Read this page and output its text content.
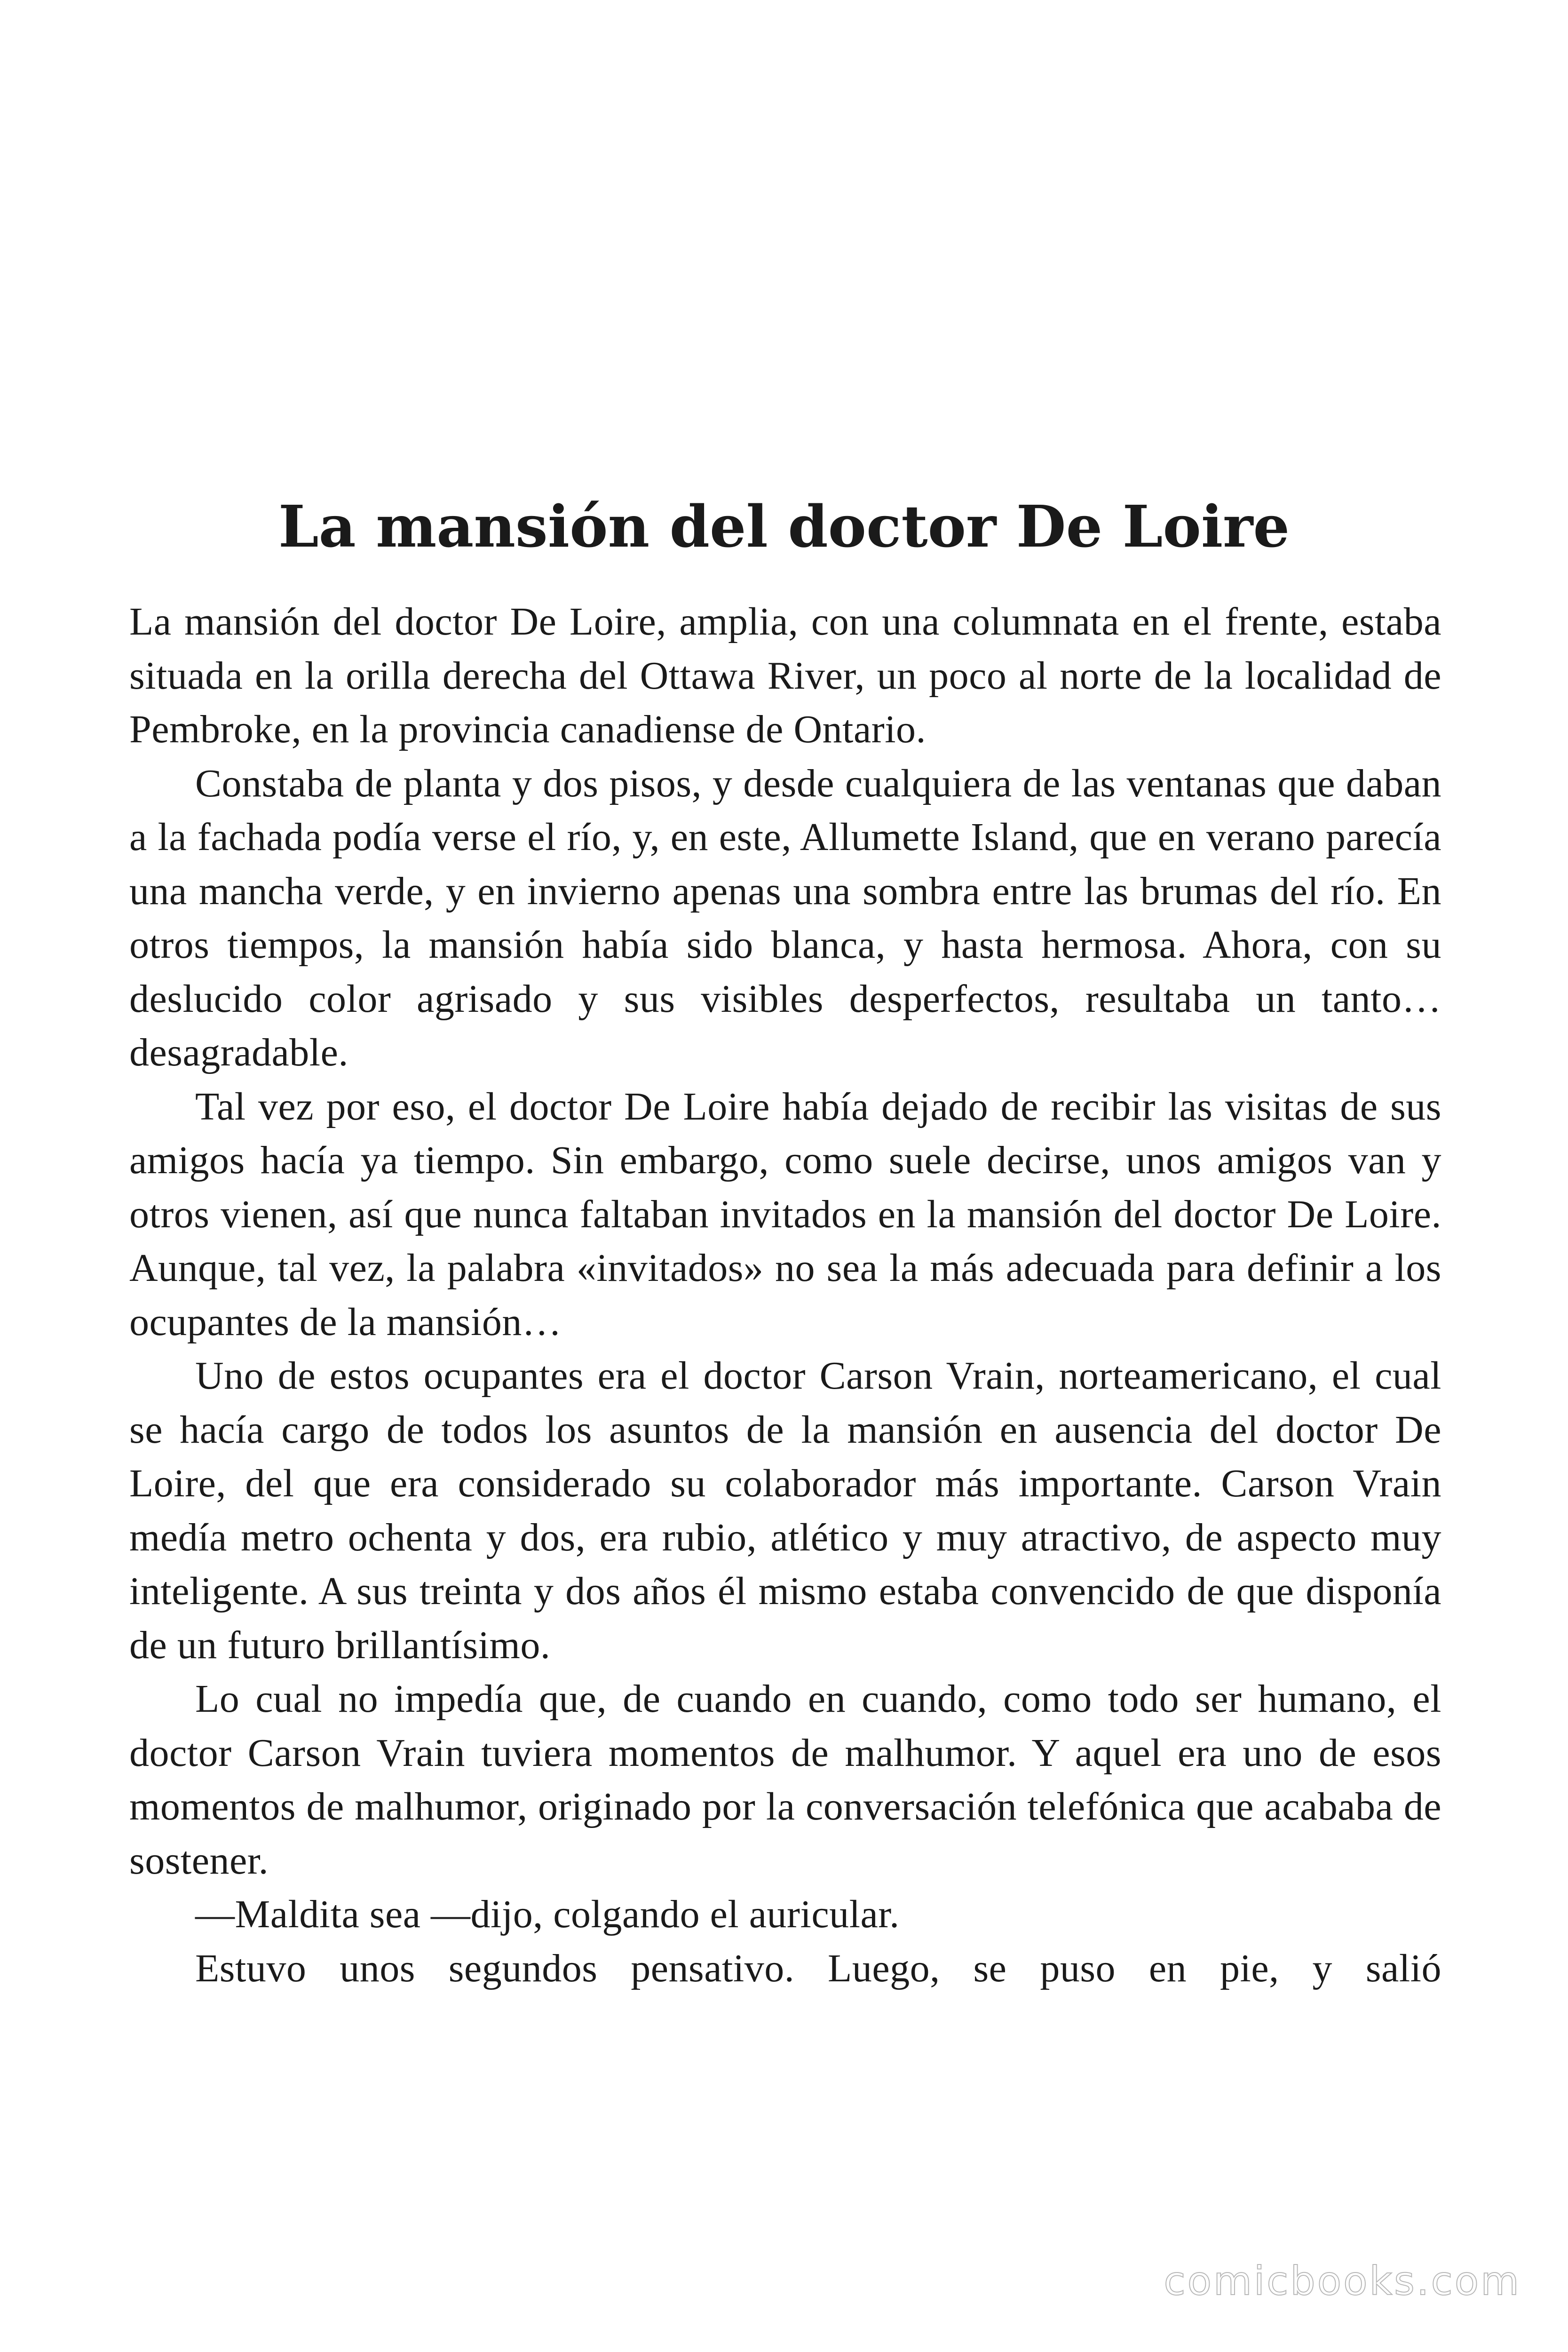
La mansión del doctor De Loire

La mansión del doctor De Loire, amplia, con una columnata en el frente, estaba situada en la orilla derecha del Ottawa River, un poco al norte de la localidad de Pembroke, en la provincia canadiense de Ontario.

Constaba de planta y dos pisos, y desde cualquiera de las ventanas que daban a la fachada podía verse el río, y, en este, Allumette Island, que en verano parecía una mancha verde, y en invierno apenas una sombra entre las brumas del río. En otros tiempos, la mansión había sido blanca, y hasta hermosa. Ahora, con su deslucido color agrisado y sus visibles desperfectos, resultaba un tanto… desagradable.

Tal vez por eso, el doctor De Loire había dejado de recibir las visitas de sus amigos hacía ya tiempo. Sin embargo, como suele decirse, unos amigos van y otros vienen, así que nunca faltaban invitados en la mansión del doctor De Loire. Aunque, tal vez, la palabra «invitados» no sea la más adecuada para definir a los ocupantes de la mansión…

Uno de estos ocupantes era el doctor Carson Vrain, norteamericano, el cual se hacía cargo de todos los asuntos de la mansión en ausencia del doctor De Loire, del que era considerado su colaborador más importante. Carson Vrain medía metro ochenta y dos, era rubio, atlético y muy atractivo, de aspecto muy inteligente. A sus treinta y dos años él mismo estaba convencido de que disponía de un futuro brillantísimo.

Lo cual no impedía que, de cuando en cuando, como todo ser humano, el doctor Carson Vrain tuviera momentos de malhumor. Y aquel era uno de esos momentos de malhumor, originado por la conversación telefónica que acababa de sostener.

—Maldita sea —dijo, colgando el auricular.

Estuvo unos segundos pensativo. Luego, se puso en pie, y salió

comicbooks.com
